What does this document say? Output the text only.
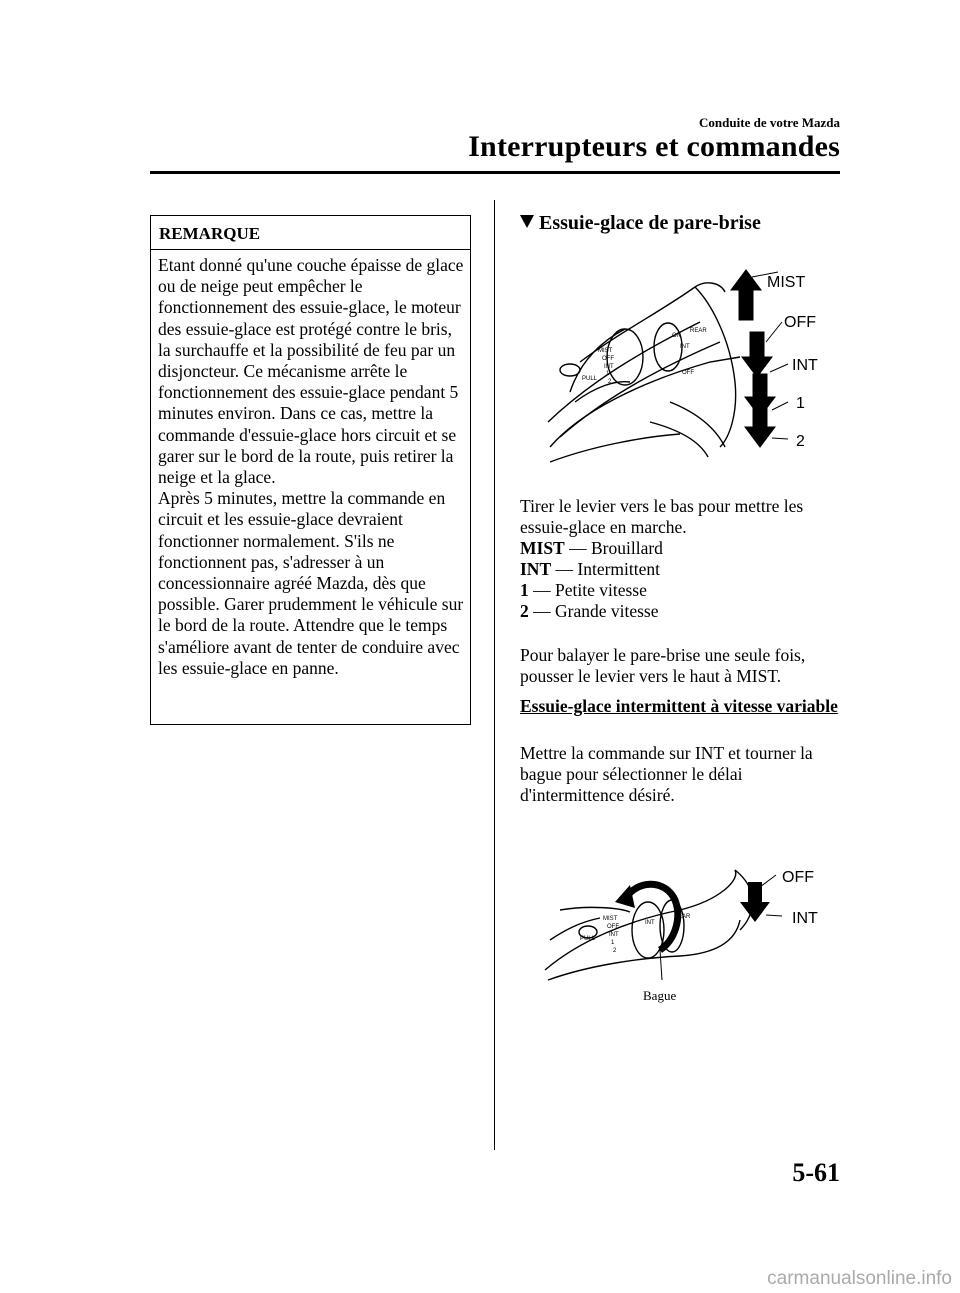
Conduite de votre Mazda
Interrupteurs et commandes
REMARQUE

Etant donné qu'une couche épaisse de glace ou de neige peut empêcher le fonctionnement des essuie-glace, le moteur des essuie-glace est protégé contre le bris, la surchauffe et la possibilité de feu par un disjoncteur. Ce mécanisme arrête le fonctionnement des essuie-glace pendant 5 minutes environ. Dans ce cas, mettre la commande d'essuie-glace hors circuit et se garer sur le bord de la route, puis retirer la neige et la glace.

Après 5 minutes, mettre la commande en circuit et les essuie-glace devraient fonctionner normalement. S'ils ne fonctionnent pas, s'adresser à un concessionnaire agréé Mazda, dès que possible. Garer prudemment le véhicule sur le bord de la route. Attendre que le temps s'améliore avant de tenter de conduire avec les essuie-glace en panne.

Essuie-glace de pare-brise
MIST
OFF
INT
1
2
PULL
ON
REAR
INT
OFF
MIST
OFF
INT
1
2

Tirer le levier vers le bas pour mettre les essuie-glace en marche.

MIST ― Brouillard

INT — Intermittent

1 — Petite vitesse

2 — Grande vitesse

Pour balayer le pare-brise une seule fois, pousser le levier vers le haut à MIST.
Essuie-glace intermittent à vitesse variable
Mettre la commande sur INT et tourner la bague pour sélectionner le délai d'intermittence désiré.
MIST
OFF
INT
1
2
PULL
INT
EAR
OFF
INT
Bague
5-61
carmanualsonline.info
